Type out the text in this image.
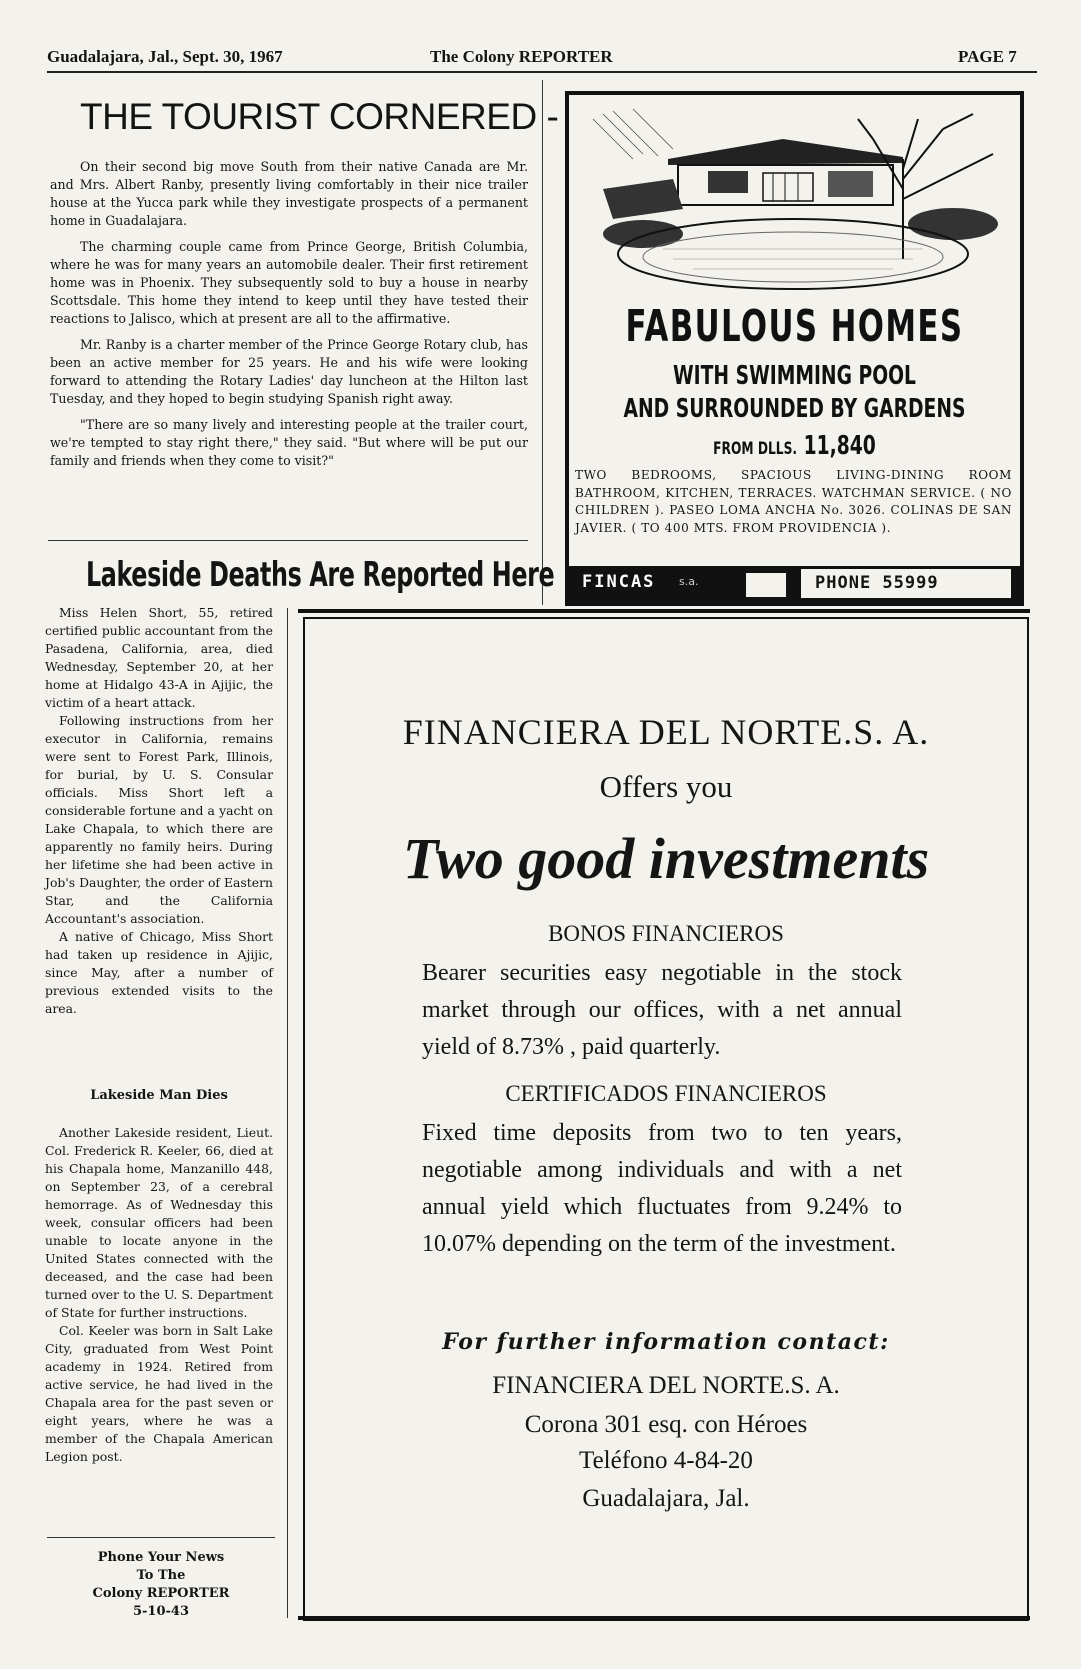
Guadalajara, Jal., Sept. 30, 1967	The Colony REPORTER	PAGE 7
THE TOURIST CORNERED -

On their second big move South from their native Canada are Mr. and Mrs. Albert Ranby, presently living comfortably in their nice trailer house at the Yucca park while they investigate prospects of a permanent home in Guadalajara.

The charming couple came from Prince George, British Columbia, where he was for many years an automobile dealer. Their first retirement home was in Phoenix. They subsequently sold to buy a house in nearby Scottsdale. This home they intend to keep until they have tested their reactions to Jalisco, which at present are all to the affirmative.

Mr. Ranby is a charter member of the Prince George Rotary club, has been an active member for 25 years. He and his wife were looking forward to attending the Rotary Ladies' day luncheon at the Hilton last Tuesday, and they hoped to begin studying Spanish right away.

"There are so many lively and interesting people at the trailer court, we're tempted to stay right there," they said. "But where will be put our family and friends when they come to visit?"

Lakeside Deaths Are Reported Here

Miss Helen Short, 55, retired certified public accountant from the Pasadena, California, area, died Wednesday, September 20, at her home at Hidalgo 43-A in Ajijic, the victim of a heart attack.

Following instructions from her executor in California, remains were sent to Forest Park, Illinois, for burial, by U. S. Consular officials. Miss Short left a considerable fortune and a yacht on Lake Chapala, to which there are apparently no family heirs. During her lifetime she had been active in Job's Daughter, the order of Eastern Star, and the California Accountant's association.

A native of Chicago, Miss Short had taken up residence in Ajijic, since May, after a number of previous extended visits to the area.

Lakeside Man Dies

Another Lakeside resident, Lieut. Col. Frederick R. Keeler, 66, died at his Chapala home, Manzanillo 448, on September 23, of a cerebral hemorrage. As of Wednesday this week, consular officers had been unable to locate anyone in the United States connected with the deceased, and the case had been turned over to the U. S. Department of State for further instructions.

Col. Keeler was born in Salt Lake City, graduated from West Point academy in 1924. Retired from active service, he had lived in the Chapala area for the past seven or eight years, where he was a member of the Chapala American Legion post.

Phone Your News
To The
Colony REPORTER
5-10-43
FABULOUS HOMES
WITH SWIMMING POOL
AND SURROUNDED BY GARDENS
FROM DLLS. 11,840
TWO BEDROOMS, SPACIOUS LIVING-DINING ROOM BATHROOM, KITCHEN, TERRACES. WATCHMAN SERVICE. ( NO CHILDREN ). PASEO LOMA ANCHA No. 3026. COLINAS DE SAN JAVIER. ( TO 400 MTS. FROM PROVIDENCIA ).
FINCAS s.a.	PHONE 55999
FINANCIERA DEL NORTE.S. A.
Offers you
Two good investments
BONOS FINANCIEROS
Bearer securities easy negotiable in the stock market through our offices, with a net annual yield of 8.73% , paid quarterly.
CERTIFICADOS FINANCIEROS
Fixed time deposits from two to ten years, negotiable among individuals and with a net annual yield which fluctuates from 9.24% to 10.07% depending on the term of the investment.
For further information contact:
FINANCIERA DEL NORTE.S. A.
Corona 301 esq. con Héroes
Teléfono 4-84-20
Guadalajara, Jal.
